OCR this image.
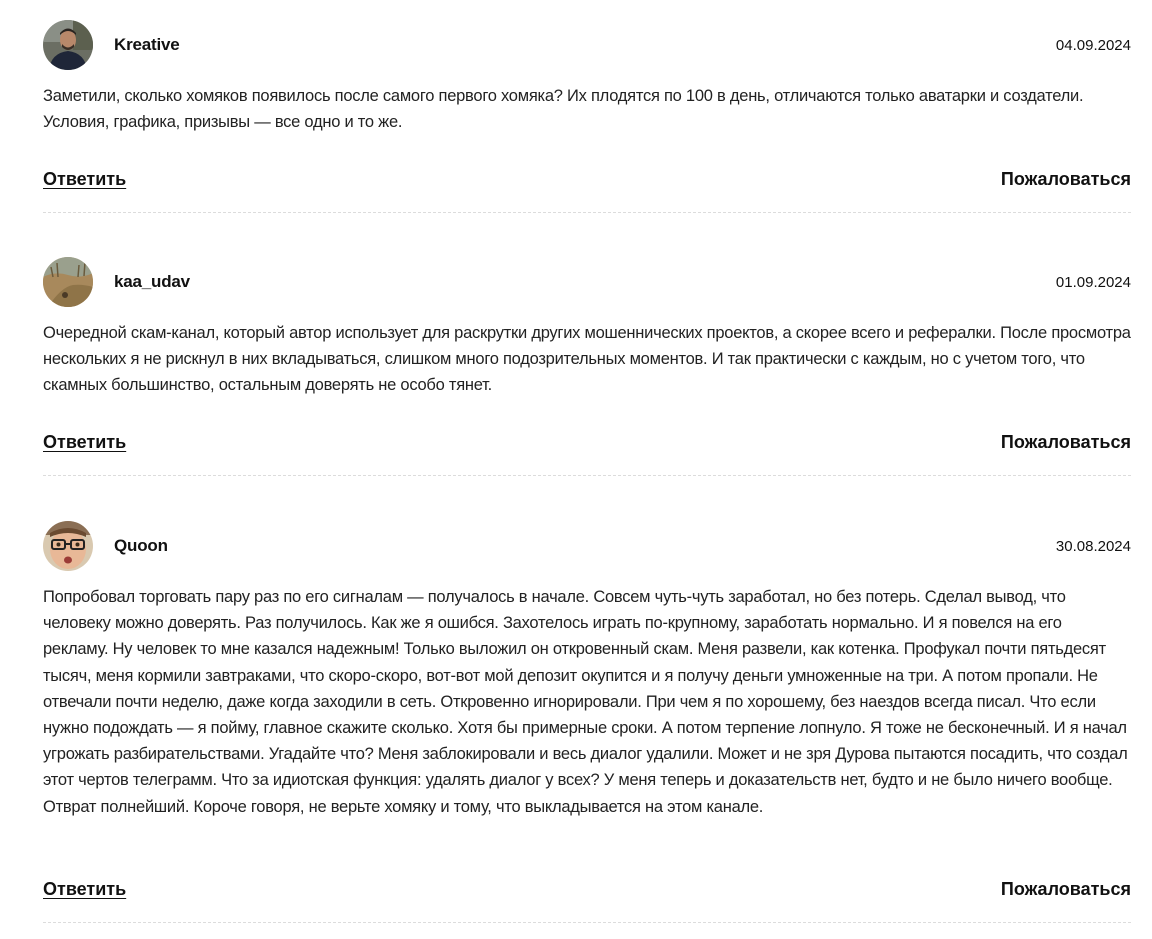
Kreative	04.09.2024

Заметили, сколько хомяков появилось после самого первого хомяка? Их плодятся по 100 в день, отличаются только аватарки и создатели. Условия, графика, призывы — все одно и то же.

Ответить	Пожаловаться
kaa_udav	01.09.2024

Очередной скам-канал, который автор использует для раскрутки других мошеннических проектов, а скорее всего и рефералки. После просмотра нескольких я не рискнул в них вкладываться, слишком много подозрительных моментов. И так практически с каждым, но с учетом того, что скамных большинство, остальным доверять не особо тянет.

Ответить	Пожаловаться
Quoon	30.08.2024

Попробовал торговать пару раз по его сигналам — получалось в начале. Совсем чуть-чуть заработал, но без потерь. Сделал вывод, что человеку можно доверять. Раз получилось. Как же я ошибся. Захотелось играть по-крупному, заработать нормально. И я повелся на его рекламу. Ну человек то мне казался надежным! Только выложил он откровенный скам. Меня развели, как котенка. Профукал почти пятьдесят тысяч, меня кормили завтраками, что скоро-скоро, вот-вот мой депозит окупится и я получу деньги умноженные на три. А потом пропали. Не отвечали почти неделю, даже когда заходили в сеть. Откровенно игнорировали. При чем я по хорошему, без наездов всегда писал. Что если нужно подождать — я пойму, главное скажите сколько. Хотя бы примерные сроки. А потом терпение лопнуло. Я тоже не бесконечный. И я начал угрожать разбирательствами. Угадайте что? Меня заблокировали и весь диалог удалили. Может и не зря Дурова пытаются посадить, что создал этот чертов телеграмм. Что за идиотская функция: удалять диалог у всех? У меня теперь и доказательств нет, будто и не было ничего вообще. Отврат полнейший. Короче говоря, не верьте хомяку и тому, что выкладывается на этом канале.

Ответить	Пожаловаться
